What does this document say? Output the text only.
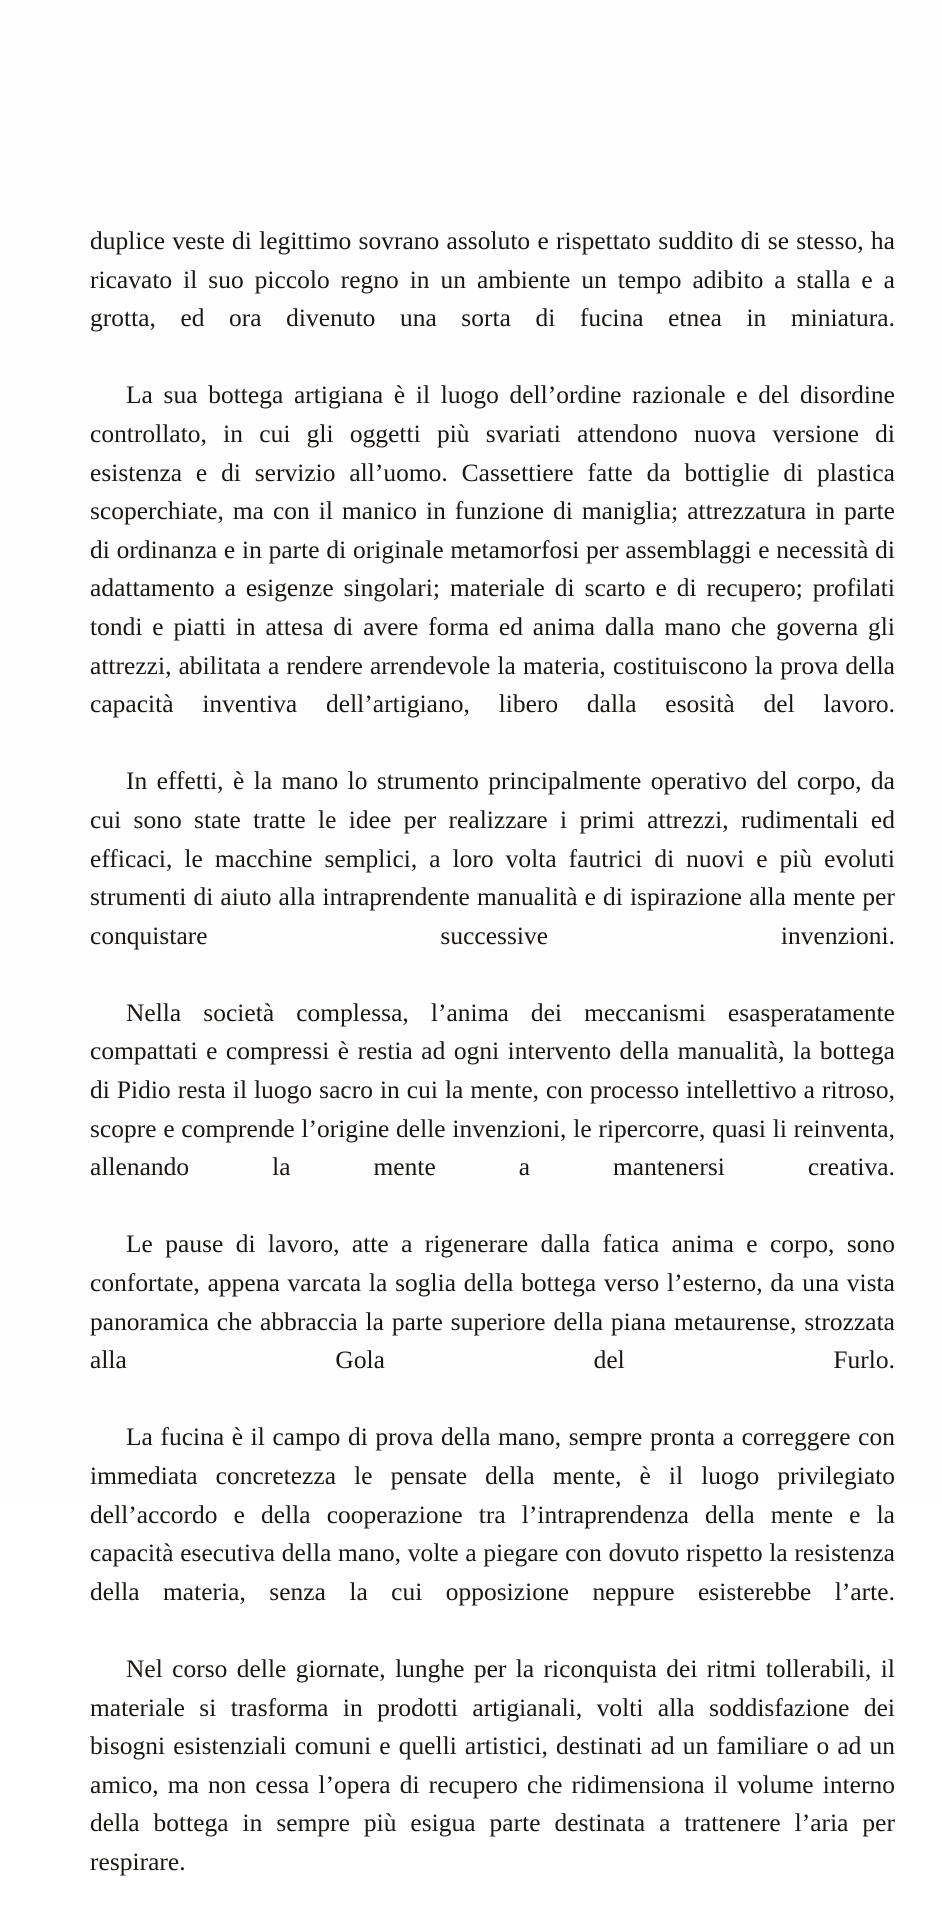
duplice veste di legittimo sovrano assoluto e rispettato suddito di se stesso, ha ricavato il suo piccolo regno in un ambiente un tempo adibito a stalla e a grotta, ed ora divenuto una sorta di fucina etnea in miniatura.

La sua bottega artigiana è il luogo dell’ordine razionale e del disordine controllato, in cui gli oggetti più svariati attendono nuova versione di esistenza e di servizio all’uomo. Cassettiere fatte da bottiglie di plastica scoperchiate, ma con il manico in funzione di maniglia; attrezzatura in parte di ordinanza e in parte di originale metamorfosi per assemblaggi e necessità di adattamento a esigenze singolari; materiale di scarto e di recupero; profilati tondi e piatti in attesa di avere forma ed anima dalla mano che governa gli attrezzi, abilitata a rendere arrendevole la materia, costituiscono la prova della capacità inventiva dell’artigiano, libero dalla esosità del lavoro.

In effetti, è la mano lo strumento principalmente operativo del corpo, da cui sono state tratte le idee per realizzare i primi attrezzi, rudimentali ed efficaci, le macchine semplici, a loro volta fautrici di nuovi e più evoluti strumenti di aiuto alla intraprendente manualità e di ispirazione alla mente per conquistare successive invenzioni.

Nella società complessa, l’anima dei meccanismi esasperatamente compattati e compressi è restia ad ogni intervento della manualità, la bottega di Pidio resta il luogo sacro in cui la mente, con processo intellettivo a ritroso, scopre e comprende l’origine delle invenzioni, le ripercorre, quasi li reinventa, allenando la mente a mantenersi creativa.

Le pause di lavoro, atte a rigenerare dalla fatica anima e corpo, sono confortate, appena varcata la soglia della bottega verso l’esterno, da una vista panoramica che abbraccia la parte superiore della piana metaurense, strozzata alla Gola del Furlo.

La fucina è il campo di prova della mano, sempre pronta a correggere con immediata concretezza le pensate della mente, è il luogo privilegiato dell’accordo e della cooperazione tra l’intraprendenza della mente e la capacità esecutiva della mano, volte a piegare con dovuto rispetto la resistenza della materia, senza la cui opposizione neppure esisterebbe l’arte.

Nel corso delle giornate, lunghe per la riconquista dei ritmi tollerabili, il materiale si trasforma in prodotti artigianali, volti alla soddisfazione dei bisogni esistenziali comuni e quelli artistici, destinati ad un familiare o ad un amico, ma non cessa l’opera di recupero che ridimensiona il volume interno della bottega in sempre più esigua parte destinata a trattenere l’aria per respirare.
